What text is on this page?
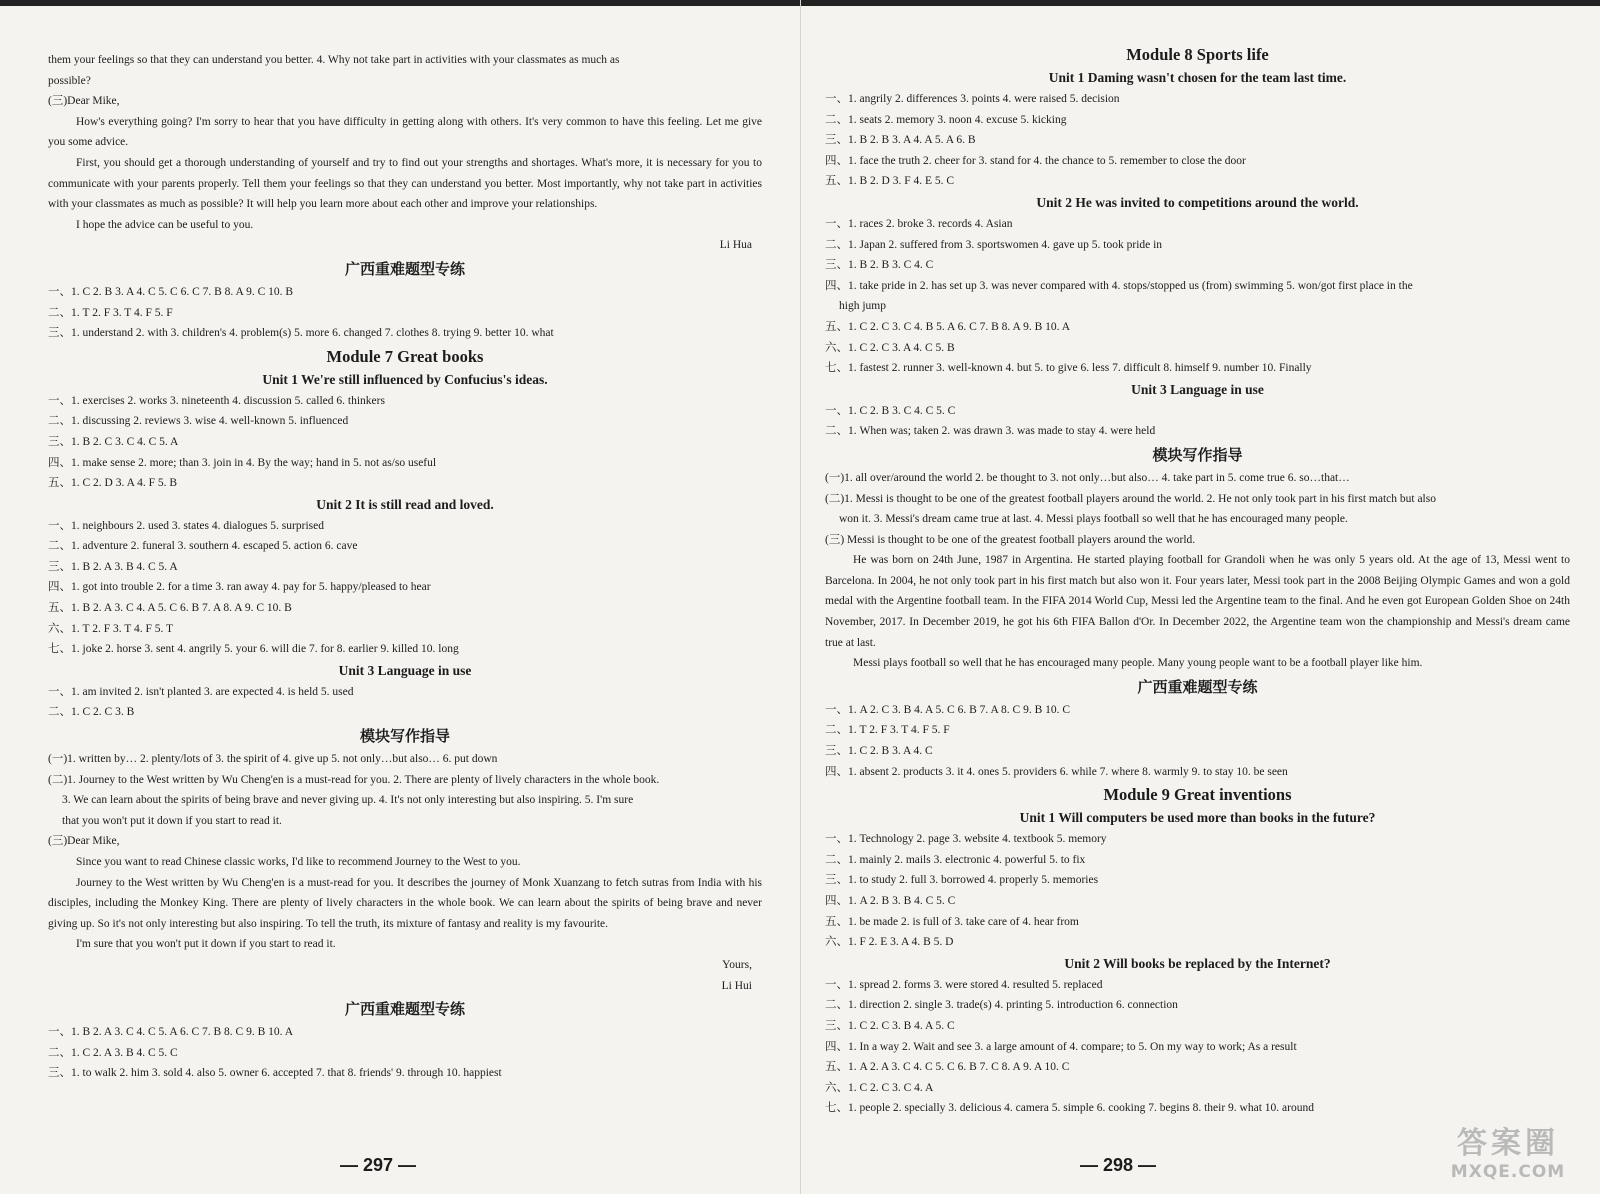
them your feelings so that they can understand you better. 4. Why not take part in activities with your classmates as much as
possible?
(三)Dear Mike,
How's everything going? I'm sorry to hear that you have difficulty in getting along with others. It's very common to have this feeling. Let me give you some advice.
First, you should get a thorough understanding of yourself and try to find out your strengths and shortages. What's more, it is necessary for you to communicate with your parents properly. Tell them your feelings so that they can understand you better. Most importantly, why not take part in activities with your classmates as much as possible? It will help you learn more about each other and improve your relationships.
I hope the advice can be useful to you.
Li Hua
广西重难题型专练
一、1. C 2. B 3. A 4. C 5. C 6. C 7. B 8. A 9. C 10. B
二、1. T 2. F 3. T 4. F 5. F
三、1. understand 2. with 3. children's 4. problem(s) 5. more 6. changed 7. clothes 8. trying 9. better 10. what
Module 7 Great books
Unit 1 We're still influenced by Confucius's ideas.
一、1. exercises 2. works 3. nineteenth 4. discussion 5. called 6. thinkers
二、1. discussing 2. reviews 3. wise 4. well-known 5. influenced
三、1. B 2. C 3. C 4. C 5. A
四、1. make sense 2. more; than 3. join in 4. By the way; hand in 5. not as/so useful
五、1. C 2. D 3. A 4. F 5. B
Unit 2 It is still read and loved.
一、1. neighbours 2. used 3. states 4. dialogues 5. surprised
二、1. adventure 2. funeral 3. southern 4. escaped 5. action 6. cave
三、1. B 2. A 3. B 4. C 5. A
四、1. got into trouble 2. for a time 3. ran away 4. pay for 5. happy/pleased to hear
五、1. B 2. A 3. C 4. A 5. C 6. B 7. A 8. A 9. C 10. B
六、1. T 2. F 3. T 4. F 5. T
七、1. joke 2. horse 3. sent 4. angrily 5. your 6. will die 7. for 8. earlier 9. killed 10. long
Unit 3 Language in use
一、1. am invited 2. isn't planted 3. are expected 4. is held 5. used
二、1. C 2. C 3. B
模块写作指导
(一)1. written by… 2. plenty/lots of 3. the spirit of 4. give up 5. not only…but also… 6. put down
(二)1. Journey to the West written by Wu Cheng'en is a must-read for you. 2. There are plenty of lively characters in the whole book.
3. We can learn about the spirits of being brave and never giving up. 4. It's not only interesting but also inspiring. 5. I'm sure
that you won't put it down if you start to read it.
(三)Dear Mike,
Since you want to read Chinese classic works, I'd like to recommend Journey to the West to you.
Journey to the West written by Wu Cheng'en is a must-read for you. It describes the journey of Monk Xuanzang to fetch sutras from India with his disciples, including the Monkey King. There are plenty of lively characters in the whole book. We can learn about the spirits of being brave and never giving up. So it's not only interesting but also inspiring. To tell the truth, its mixture of fantasy and reality is my favourite.
I'm sure that you won't put it down if you start to read it.
Yours,
Li Hui
广西重难题型专练
一、1. B 2. A 3. C 4. C 5. A 6. C 7. B 8. C 9. B 10. A
二、1. C 2. A 3. B 4. C 5. C
三、1. to walk 2. him 3. sold 4. also 5. owner 6. accepted 7. that 8. friends' 9. through 10. happiest
— 297 —
Module 8 Sports life
Unit 1 Daming wasn't chosen for the team last time.
一、1. angrily 2. differences 3. points 4. were raised 5. decision
二、1. seats 2. memory 3. noon 4. excuse 5. kicking
三、1. B 2. B 3. A 4. A 5. A 6. B
四、1. face the truth 2. cheer for 3. stand for 4. the chance to 5. remember to close the door
五、1. B 2. D 3. F 4. E 5. C
Unit 2 He was invited to competitions around the world.
一、1. races 2. broke 3. records 4. Asian
二、1. Japan 2. suffered from 3. sportswomen 4. gave up 5. took pride in
三、1. B 2. B 3. C 4. C
四、1. take pride in 2. has set up 3. was never compared with 4. stops/stopped us (from) swimming 5. won/got first place in the
high jump
五、1. C 2. C 3. C 4. B 5. A 6. C 7. B 8. A 9. B 10. A
六、1. C 2. C 3. A 4. C 5. B
七、1. fastest 2. runner 3. well-known 4. but 5. to give 6. less 7. difficult 8. himself 9. number 10. Finally
Unit 3 Language in use
一、1. C 2. B 3. C 4. C 5. C
二、1. When was; taken 2. was drawn 3. was made to stay 4. were held
模块写作指导
(一)1. all over/around the world 2. be thought to 3. not only…but also… 4. take part in 5. come true 6. so…that…
(二)1. Messi is thought to be one of the greatest football players around the world. 2. He not only took part in his first match but also
won it. 3. Messi's dream came true at last. 4. Messi plays football so well that he has encouraged many people.
(三) Messi is thought to be one of the greatest football players around the world.
He was born on 24th June, 1987 in Argentina. He started playing football for Grandoli when he was only 5 years old. At the age of 13, Messi went to Barcelona. In 2004, he not only took part in his first match but also won it. Four years later, Messi took part in the 2008 Beijing Olympic Games and won a gold medal with the Argentine football team. In the FIFA 2014 World Cup, Messi led the Argentine team to the final. And he even got European Golden Shoe on 24th November, 2017. In December 2019, he got his 6th FIFA Ballon d'Or. In December 2022, the Argentine team won the championship and Messi's dream came true at last.
Messi plays football so well that he has encouraged many people. Many young people want to be a football player like him.
广西重难题型专练
一、1. A 2. C 3. B 4. A 5. C 6. B 7. A 8. C 9. B 10. C
二、1. T 2. F 3. T 4. F 5. F
三、1. C 2. B 3. A 4. C
四、1. absent 2. products 3. it 4. ones 5. providers 6. while 7. where 8. warmly 9. to stay 10. be seen
Module 9 Great inventions
Unit 1 Will computers be used more than books in the future?
一、1. Technology 2. page 3. website 4. textbook 5. memory
二、1. mainly 2. mails 3. electronic 4. powerful 5. to fix
三、1. to study 2. full 3. borrowed 4. properly 5. memories
四、1. A 2. B 3. B 4. C 5. C
五、1. be made 2. is full of 3. take care of 4. hear from
六、1. F 2. E 3. A 4. B 5. D
Unit 2 Will books be replaced by the Internet?
一、1. spread 2. forms 3. were stored 4. resulted 5. replaced
二、1. direction 2. single 3. trade(s) 4. printing 5. introduction 6. connection
三、1. C 2. C 3. B 4. A 5. C
四、1. In a way 2. Wait and see 3. a large amount of 4. compare; to 5. On my way to work; As a result
五、1. A 2. A 3. C 4. C 5. C 6. B 7. C 8. A 9. A 10. C
六、1. C 2. C 3. C 4. A
七、1. people 2. specially 3. delicious 4. camera 5. simple 6. cooking 7. begins 8. their 9. what 10. around
— 298 —
答案圈
MXQE.COM
